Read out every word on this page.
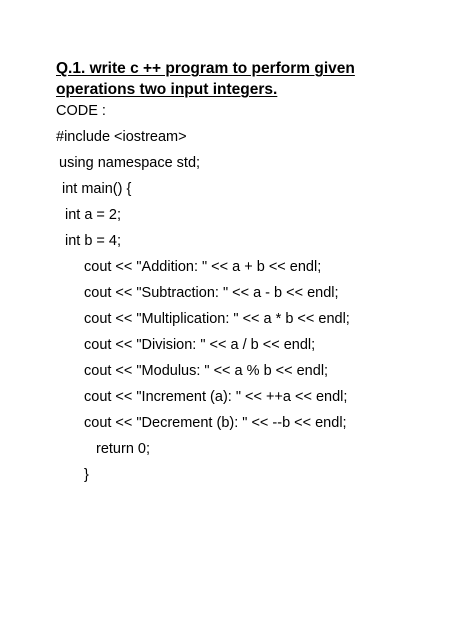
Q.1. write c ++ program to perform given operations two input integers.
CODE :
#include <iostream>
using namespace std;
int main() {
int a = 2;
int b = 4;
cout << "Addition: " << a + b << endl;
cout << "Subtraction: " << a - b << endl;
cout << "Multiplication: " << a * b << endl;
cout << "Division: " << a / b << endl;
cout << "Modulus: " << a % b << endl;
cout << "Increment (a): " << ++a << endl;
cout << "Decrement (b): " << --b << endl;
return 0;
}
